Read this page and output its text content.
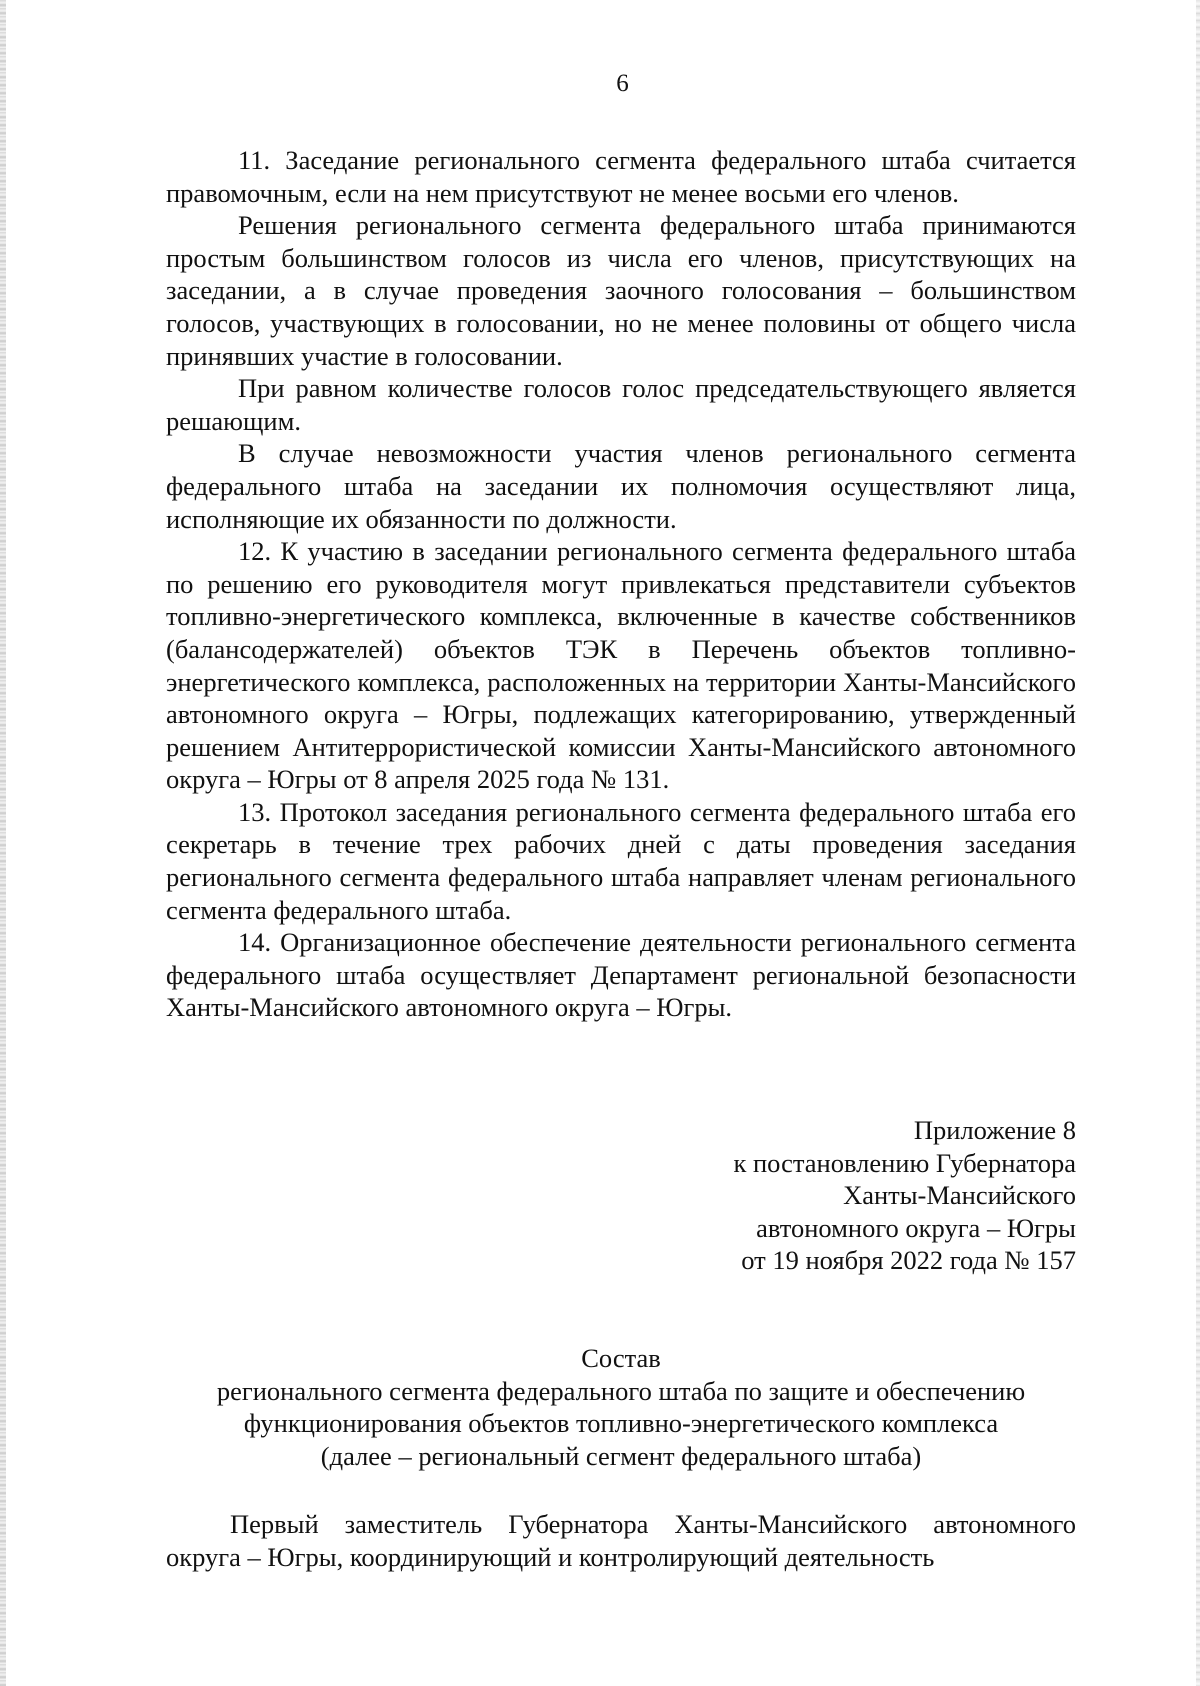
6

11. Заседание регионального сегмента федерального штаба считается правомочным, если на нем присутствуют не менее восьми его членов.

Решения регионального сегмента федерального штаба принимаются простым большинством голосов из числа его членов, присутствующих на заседании, а в случае проведения заочного голосования – большинством голосов, участвующих в голосовании, но не менее половины от общего числа принявших участие в голосовании.

При равном количестве голосов голос председательствующего является решающим.

В случае невозможности участия членов регионального сегмента федерального штаба на заседании их полномочия осуществляют лица, исполняющие их обязанности по должности.

12. К участию в заседании регионального сегмента федерального штаба по решению его руководителя могут привлекаться представители субъектов топливно-энергетического комплекса, включенные в качестве собственников (балансодержателей) объектов ТЭК в Перечень объектов топливно-энергетического комплекса, расположенных на территории Ханты-Мансийского автономного округа – Югры, подлежащих категорированию, утвержденный решением Антитеррористической комиссии Ханты-Мансийского автономного округа – Югры от 8 апреля 2025 года № 131.

13. Протокол заседания регионального сегмента федерального штаба его секретарь в течение трех рабочих дней с даты проведения заседания регионального сегмента федерального штаба направляет членам регионального сегмента федерального штаба.

14. Организационное обеспечение деятельности регионального сегмента федерального штаба осуществляет Департамент региональной безопасности Ханты-Мансийского автономного округа – Югры.

Приложение 8
к постановлению Губернатора
Ханты-Мансийского
автономного округа – Югры
от 19 ноября 2022 года № 157
Состав
регионального сегмента федерального штаба по защите и обеспечению
функционирования объектов топливно-энергетического комплекса
(далее – региональный сегмент федерального штаба)

Первый заместитель Губернатора Ханты-Мансийского автономного округа – Югры, координирующий и контролирующий деятельность
